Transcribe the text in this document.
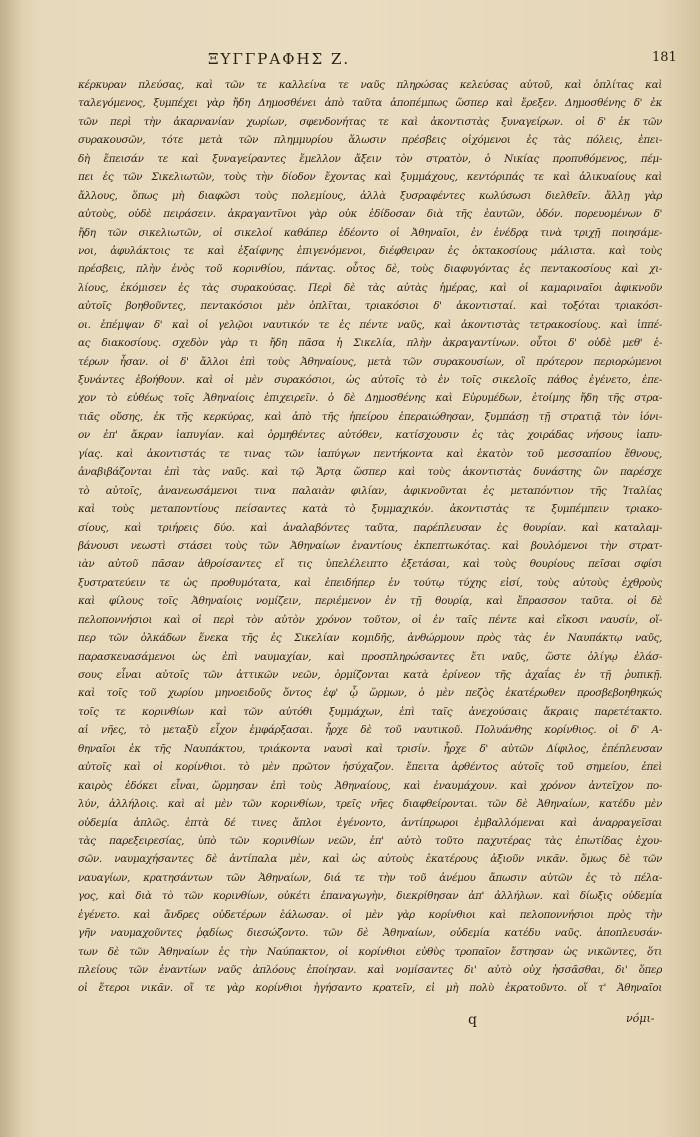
ΞΥΓΓΡΑΦΗΣ Ζ.	181
κέρκυραν πλεύσας, καὶ τῶν τε καλλείνα τε ναῦς πληρώσας κελεύσας αὐτοῦ, καὶ ὁπλίτας καὶ
ταλεγόμενος, ξυμπέχει γὰρ ἤδη Δημοσθένει ἀπὸ ταῦτα ἀποπέμπως ὥσπερ καὶ ἔρεξεν. Δημοσθένης δ' ἐκ
τῶν περὶ τὴν ἀκαρνανίαν χωρίων, σφενδονήτας τε καὶ ἀκοντιστὰς ξυναγείρων. οἱ δ' ἐκ τῶν
συρακουσῶν, τότε μετὰ τῶν πλημμυρίου ἅλωσιν πρέσβεις οἰχόμενοι ἐς τὰς πόλεις, ἐπει-
δὴ ἔπεισάν τε καὶ ξυναγείραντες ἔμελλον ἄξειν τὸν στρατὸν, ὁ Νικίας προπυθόμενος, πέμ-
πει ἐς τῶν Σικελιωτῶν, τοὺς τὴν δίοδον ἔχοντας καὶ ξυμμάχους, κεντόριπάς τε καὶ ἀλικυαίους καὶ
ἄλλους, ὅπως μὴ διαφῶσι τοὺς πολεμίους, ἀλλὰ ξυσραφέντες κωλύσωσι διελθεῖν. ἄλλῃ γὰρ
αὐτοὺς, οὐδὲ πειράσειν. ἀκραγαντῖνοι γὰρ οὐκ ἐδίδοσαν διὰ τῆς ἑαυτῶν, ὁδόν. πορευομένων δ'
ἤδη τῶν σικελιωτῶν, οἱ σικελοί καθάπερ ἐδέοντο οἱ Ἀθηναῖοι, ἐν ἐνέδρᾳ τινὰ τριχῇ ποιησάμε-
νοι, ἀφυλάκτοις τε καὶ ἐξαίφνης ἐπιγενόμενοι, διέφθειραν ἐς ὀκτακοσίους μάλιστα. καὶ τοὺς
πρέσβεις, πλὴν ἑνὸς τοῦ κορινθίου, πάντας. οὗτος δὲ, τοὺς διαφυγόντας ἐς πεντακοσίους καὶ χι-
λίους, ἐκόμισεν ἐς τὰς συρακούσας. Περὶ δὲ τὰς αὐτὰς ἡμέρας, καὶ οἱ καμαριναῖοι ἀφικνοῦν
αὐτοῖς βοηθοῦντες, πεντακόσιοι μὲν ὁπλῖται, τριακόσιοι δ' ἀκοντισταί. καὶ τοξόται τριακόσι-
οι. ἐπέμψαν δ' καὶ οἱ γελῷοι ναυτικόν τε ἐς πέντε ναῦς, καὶ ἀκοντιστὰς τετρακοσίους. καὶ ἱππέ-
ας διακοσίους. σχεδὸν γὰρ τι ἤδη πᾶσα ἡ Σικελία, πλὴν ἀκραγαντίνων. οὗτοι δ' οὐδὲ μεθ' ἑ-
τέρων ἦσαν. οἱ δ' ἄλλοι ἐπὶ τοὺς Ἀθηναίους, μετὰ τῶν συρακουσίων, οἳ πρότερον περιορώμενοι
ξυνάντες ἐβοήθουν. καὶ οἱ μὲν συρακόσιοι, ὡς αὐτοῖς τὸ ἐν τοῖς σικελοῖς πάθος ἐγένετο, ἐπε-
χον τὸ εὐθέως τοῖς Ἀθηναίοις ἐπιχειρεῖν. ὁ δὲ Δημοσθένης καὶ Εὐρυμέδων, ἑτοίμης ἤδη τῆς στρα-
τιᾶς οὔσης, ἐκ τῆς κερκύρας, καὶ ἀπὸ τῆς ἠπείρου ἐπεραιώθησαν, ξυμπάσῃ τῇ στρατιᾷ τὸν ἰόνι-
ον ἐπ' ἄκραν ἰαπυγίαν. καὶ ὁρμηθέντες αὐτόθεν, κατίσχουσιν ἐς τὰς χοιράδας νήσους ἰαπυ-
γίας. καὶ ἀκοντιστάς τε τινας τῶν ἰαπύγων πεντήκοντα καὶ ἑκατὸν τοῦ μεσσαπίου ἔθνους,
ἀναβιβάζονται ἐπὶ τὰς ναῦς. καὶ τῷ Ἄρτᾳ ὥσπερ καὶ τοὺς ἀκοντιστὰς δυνάστης ὢν παρέσχε
τὸ αὐτοῖς, ἀνανεωσάμενοι τινα παλαιὰν φιλίαν, ἀφικνοῦνται ἐς μεταπόντιον τῆς Ἰταλίας
καὶ τοὺς μεταποντίους πείσαντες κατὰ τὸ ξυμμαχικόν. ἀκοντιστὰς τε ξυμπέμπειν τριακο-
σίους, καὶ τριήρεις δύο. καὶ ἀναλαβόντες ταῦτα, παρέπλευσαν ἐς θουρίαν. καὶ καταλαμ-
βάνουσι νεωστὶ στάσει τοὺς τῶν Ἀθηναίων ἐναντίους ἐκπεπτωκότας. καὶ βουλόμενοι τὴν στρατ-
ιὰν αὐτοῦ πᾶσαν ἀθροίσαντες εἴ τις ὑπελέλειπτο ἐξετάσαι, καὶ τοὺς θουρίους πεῖσαι σφίσι
ξυστρατεύειν τε ὡς προθυμότατα, καὶ ἐπειδήπερ ἐν τούτῳ τύχης εἰσί, τοὺς αὐτοὺς ἐχθροὺς
καὶ φίλους τοῖς Ἀθηναίοις νομίζειν, περιέμενον ἐν τῇ θουρίᾳ, καὶ ἔπρασσον ταῦτα. οἱ δὲ
πελοποννήσιοι καὶ οἱ περὶ τὸν αὐτὸν χρόνον τοῦτον, οἱ ἐν ταῖς πέντε καὶ εἴκοσι ναυσίν, οἵ-
περ τῶν ὁλκάδων ἕνεκα τῆς ἐς Σικελίαν κομιδῆς, ἀνθώρμουν πρὸς τὰς ἐν Ναυπάκτῳ ναῦς,
παρασκευασάμενοι ὡς ἐπὶ ναυμαχίαν, καὶ προσπληρώσαντες ἔτι ναῦς, ὥστε ὀλίγῳ ἐλάσ-
σους εἶναι αὐτοῖς τῶν ἀττικῶν νεῶν, ὁρμίζονται κατὰ ἐρίνεον τῆς ἀχαΐας ἐν τῇ ῥυπικῇ.
καὶ τοῖς τοῦ χωρίου μηνοειδοῦς ὄντος ἐφ' ᾧ ὥρμων, ὁ μὲν πεζὸς ἑκατέρωθεν προσβεβοηθηκώς
τοῖς τε κορινθίων καὶ τῶν αὐτόθι ξυμμάχων, ἐπὶ ταῖς ἀνεχούσαις ἄκραις παρετέτακτο.
αἱ νῆες, τὸ μεταξὺ εἶχον ἐμφάρξασαι. ἦρχε δὲ τοῦ ναυτικοῦ. Πολυάνθης κορίνθιος. οἱ δ' Α-
θηναῖοι ἐκ τῆς Ναυπάκτου, τριάκοντα ναυσὶ καὶ τρισίν. ἦρχε δ' αὐτῶν Δίφιλος, ἐπέπλευσαν
αὐτοῖς καὶ οἱ κορίνθιοι. τὸ μὲν πρῶτον ἡσύχαζον. ἔπειτα ἀρθέντος αὐτοῖς τοῦ σημείου, ἐπεὶ
καιρὸς ἐδόκει εἶναι, ὥρμησαν ἐπὶ τοὺς Ἀθηναίους, καὶ ἐναυμάχουν. καὶ χρόνον ἀντεῖχον πο-
λύν, ἀλλήλοις. καὶ αἱ μὲν τῶν κορινθίων, τρεῖς νῆες διαφθείρονται. τῶν δὲ Ἀθηναίων, κατέδυ μὲν
οὐδεμία ἁπλῶς. ἑπτὰ δέ τινες ἄπλοι ἐγένοντο, ἀντίπρωροι ἐμβαλλόμεναι καὶ ἀναρραγεῖσαι
τὰς παρεξειρεσίας, ὑπὸ τῶν κορινθίων νεῶν, ἐπ' αὐτὸ τοῦτο παχυτέρας τὰς ἐπωτίδας ἐχου-
σῶν. ναυμαχήσαντες δὲ ἀντίπαλα μὲν, καὶ ὡς αὐτοὺς ἑκατέρους ἀξιοῦν νικᾶν. ὅμως δὲ τῶν
ναυαγίων, κρατησάντων τῶν Ἀθηναίων, διά τε τὴν τοῦ ἀνέμου ἄπωσιν αὐτῶν ἐς τὸ πέλα-
γος, καὶ διὰ τὸ τῶν κορινθίων, οὐκέτι ἐπαναγωγὴν, διεκρίθησαν ἀπ' ἀλλήλων. καὶ δίωξις οὐδεμία
ἐγένετο. καὶ ἄνδρες οὐδετέρων ἑάλωσαν. οἱ μὲν γὰρ κορίνθιοι καὶ πελοποννήσιοι πρὸς τὴν
γῆν ναυμαχοῦντες ῥᾳδίως διεσώζοντο. τῶν δὲ Ἀθηναίων, οὐδεμία κατέδυ ναῦς. ἀποπλευσάν-
των δὲ τῶν Ἀθηναίων ἐς τὴν Ναύπακτον, οἱ κορίνθιοι εὐθὺς τροπαῖον ἔστησαν ὡς νικῶντες, ὅτι
πλείους τῶν ἐναντίων ναῦς ἀπλόους ἐποίησαν. καὶ νομίσαντες δι' αὐτὸ οὐχ ἡσσᾶσθαι, δι' ὅπερ
οἱ ἕτεροι νικᾶν. οἵ τε γὰρ κορίνθιοι ἡγήσαντο κρατεῖν, εἰ μὴ πολὺ ἐκρατοῦντο. οἵ τ' Ἀθηναῖοι
q	νόμι-
